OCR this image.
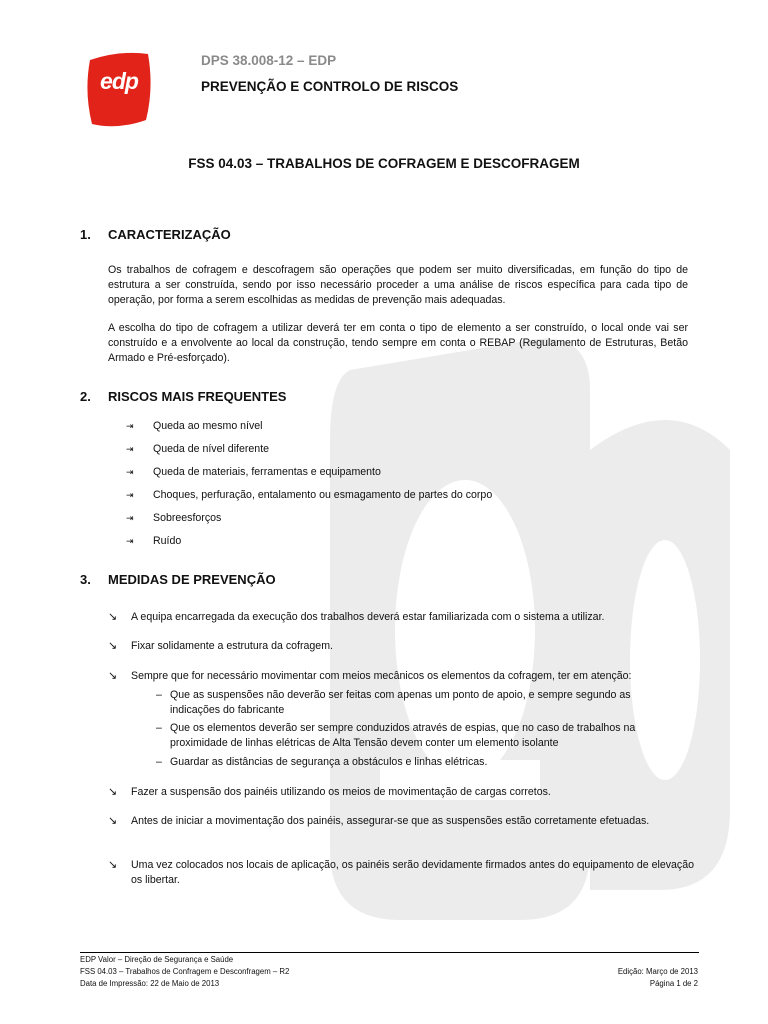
edp
DPS 38.008-12 – EDP
PREVENÇÃO E CONTROLO DE RISCOS
FSS 04.03 – TRABALHOS DE COFRAGEM E DESCOFRAGEM
1. CARACTERIZAÇÃO
Os trabalhos de cofragem e descofragem são operações que podem ser muito diversificadas, em função do tipo de estrutura a ser construída, sendo por isso necessário proceder a uma análise de riscos específica para cada tipo de operação, por forma a serem escolhidas as medidas de prevenção mais adequadas.
A escolha do tipo de cofragem a utilizar deverá ter em conta o tipo de elemento a ser construído, o local onde vai ser construído e a envolvente ao local da construção, tendo sempre em conta o REBAP (Regulamento de Estruturas, Betão Armado e Pré-esforçado).
2. RISCOS MAIS FREQUENTES
⇥ Queda ao mesmo nível
⇥ Queda de nível diferente
⇥ Queda de materiais, ferramentas e equipamento
⇥ Choques, perfuração, entalamento ou esmagamento de partes do corpo
⇥ Sobreesforços
⇥ Ruído
3. MEDIDAS DE PREVENÇÃO
↘ A equipa encarregada da execução dos trabalhos deverá estar familiarizada com o sistema a utilizar.
↘ Fixar solidamente a estrutura da cofragem.
↘ Sempre que for necessário movimentar com meios mecânicos os elementos da cofragem, ter em atenção:
– Que as suspensões não deverão ser feitas com apenas um ponto de apoio, e sempre segundo as indicações do fabricante
– Que os elementos deverão ser sempre conduzidos através de espias, que no caso de trabalhos na proximidade de linhas elétricas de Alta Tensão devem conter um elemento isolante
– Guardar as distâncias de segurança a obstáculos e linhas elétricas.
↘ Fazer a suspensão dos painéis utilizando os meios de movimentação de cargas corretos.
↘ Antes de iniciar a movimentação dos painéis, assegurar-se que as suspensões estão corretamente efetuadas.
↘ Uma vez colocados nos locais de aplicação, os painéis serão devidamente firmados antes do equipamento de elevação os libertar.
EDP Valor – Direção de Segurança e Saúde
FSS 04.03 – Trabalhos de Confragem e Desconfragem – R2
Data de Impressão: 22 de Maio de 2013
Edição: Março de 2013
Página 1 de 2
